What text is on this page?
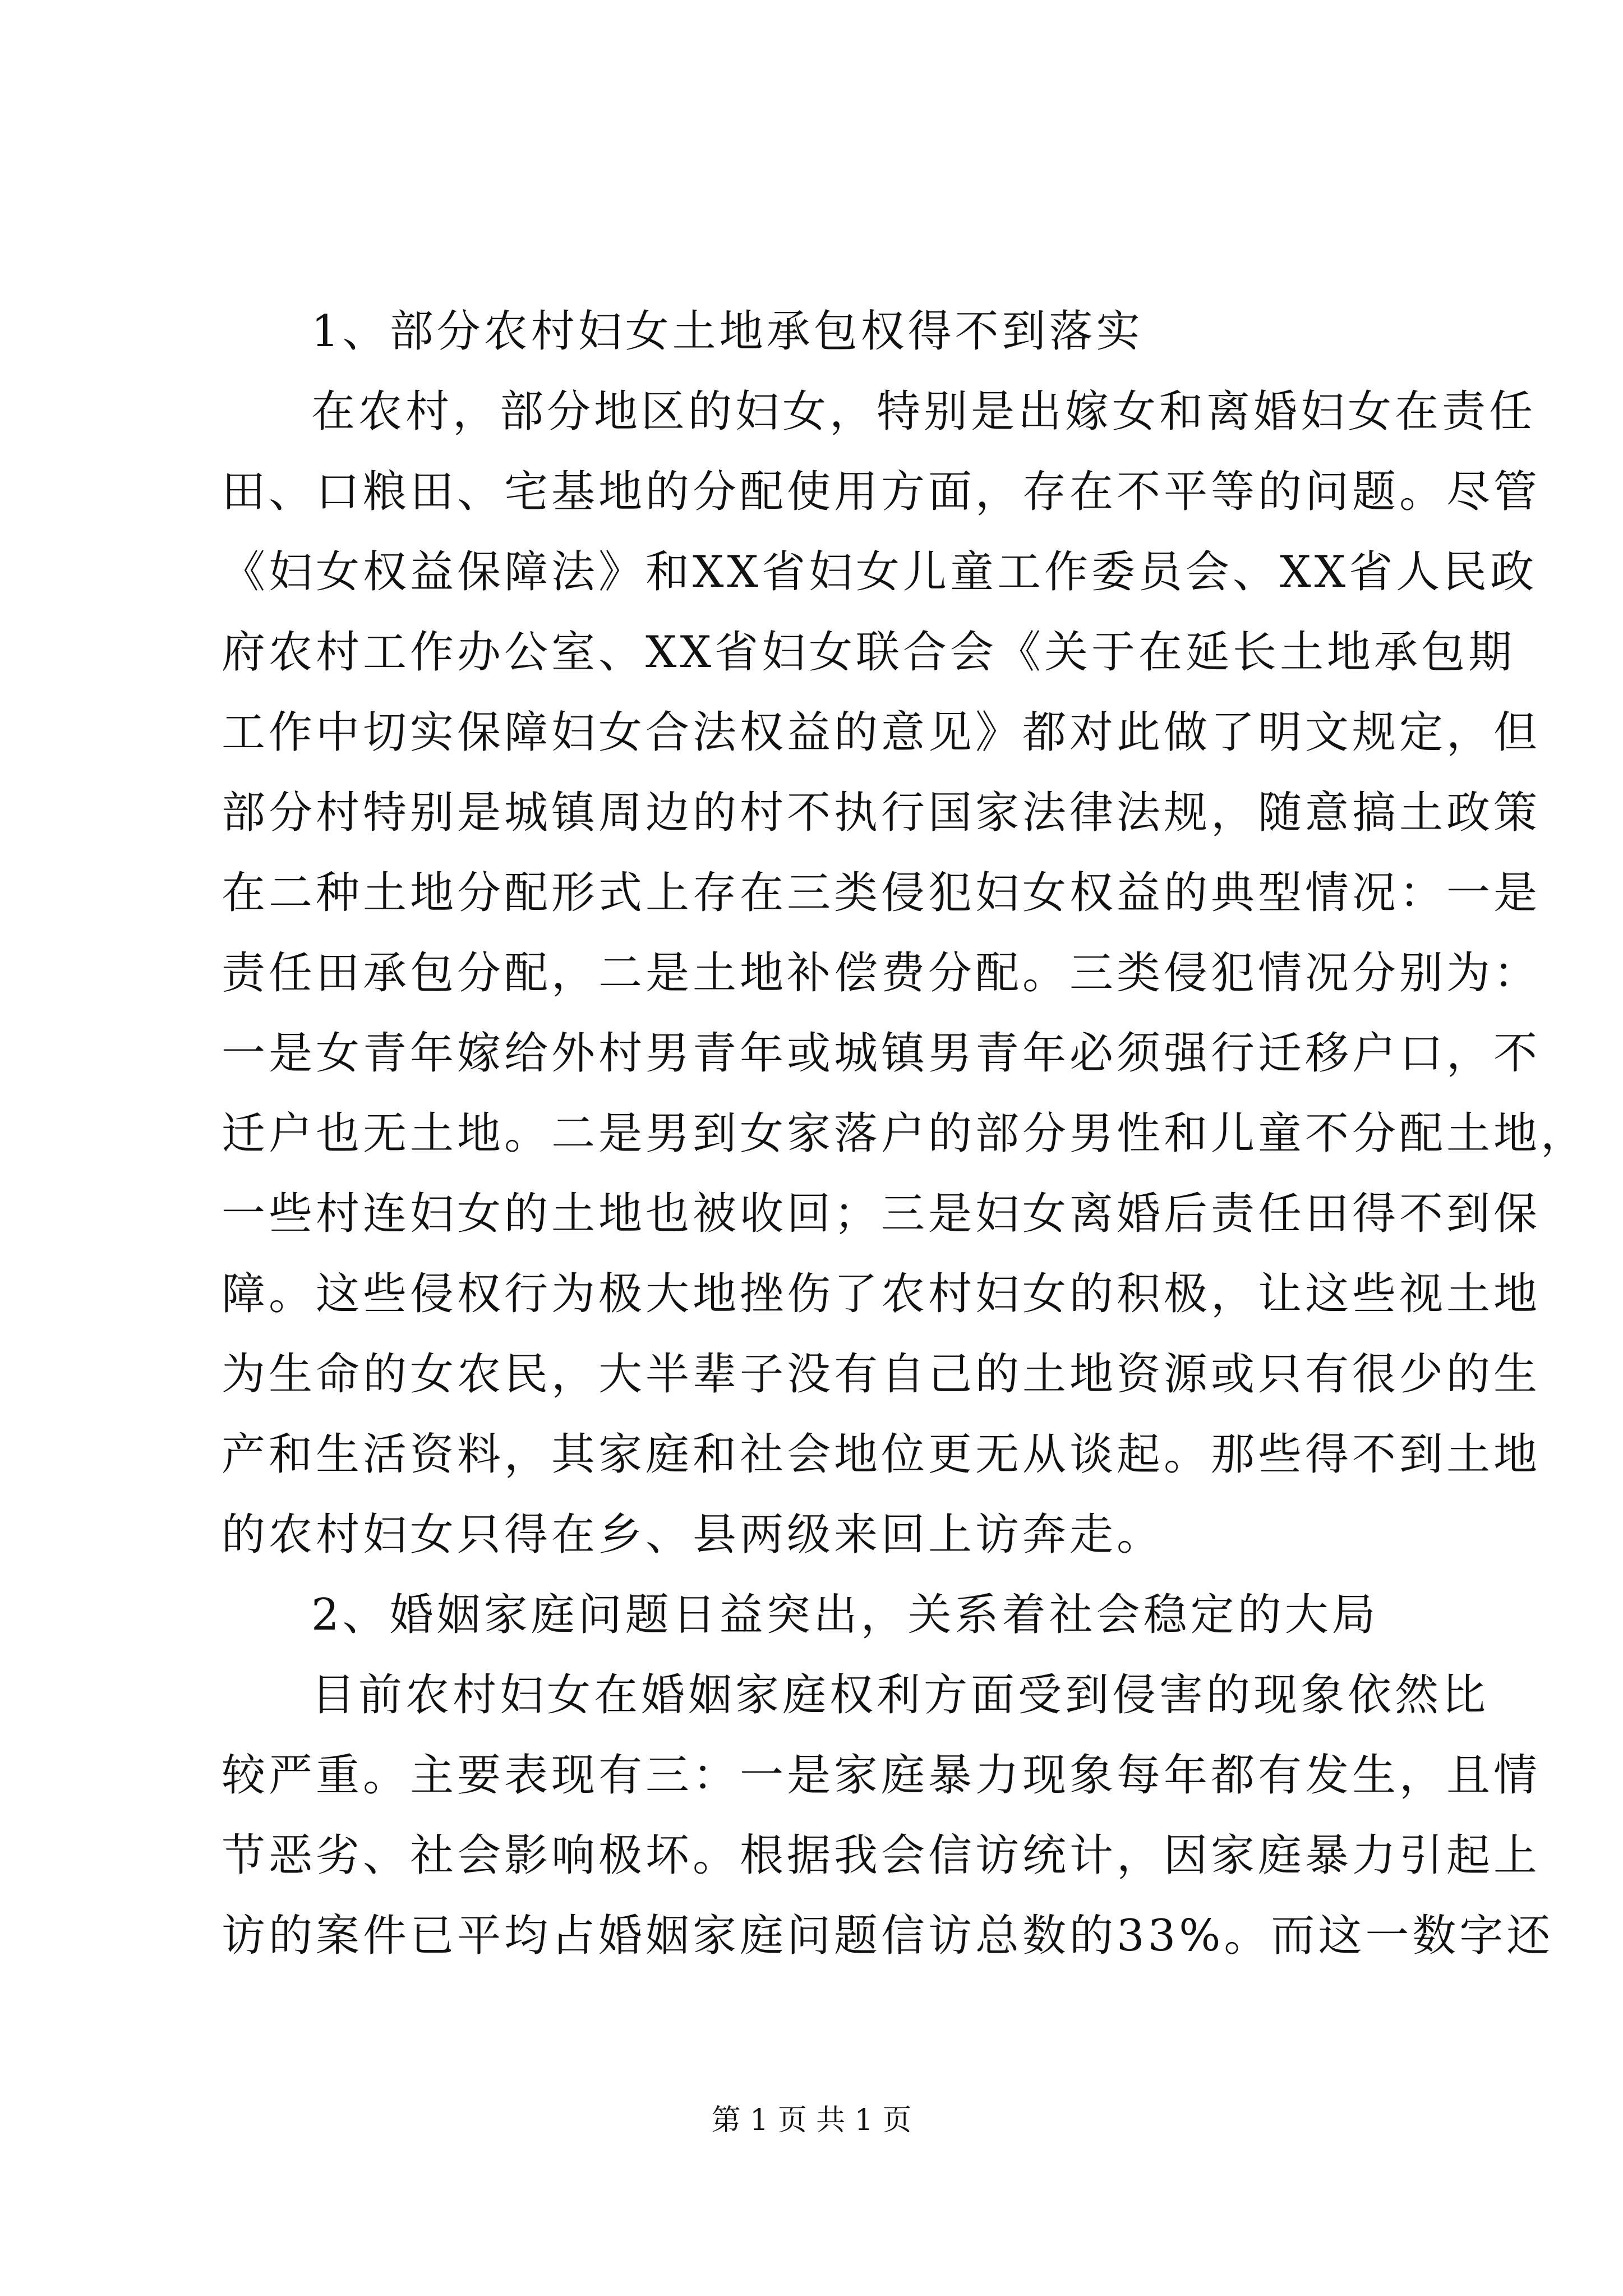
1、部分农村妇女土地承包权得不到落实
在农村，部分地区的妇女，特别是出嫁女和离婚妇女在责任
田、口粮田、宅基地的分配使用方面，存在不平等的问题。尽管
《妇女权益保障法》和XX省妇女儿童工作委员会、XX省人民政
府农村工作办公室、XX省妇女联合会《关于在延长土地承包期
工作中切实保障妇女合法权益的意见》都对此做了明文规定，但
部分村特别是城镇周边的村不执行国家法律法规，随意搞土政策
在二种土地分配形式上存在三类侵犯妇女权益的典型情况：一是
责任田承包分配，二是土地补偿费分配。三类侵犯情况分别为：
一是女青年嫁给外村男青年或城镇男青年必须强行迁移户口，不
迁户也无土地。二是男到女家落户的部分男性和儿童不分配土地，
一些村连妇女的土地也被收回；三是妇女离婚后责任田得不到保
障。这些侵权行为极大地挫伤了农村妇女的积极，让这些视土地
为生命的女农民，大半辈子没有自己的土地资源或只有很少的生
产和生活资料，其家庭和社会地位更无从谈起。那些得不到土地
的农村妇女只得在乡、县两级来回上访奔走。
2、婚姻家庭问题日益突出，关系着社会稳定的大局
目前农村妇女在婚姻家庭权利方面受到侵害的现象依然比
较严重。主要表现有三：一是家庭暴力现象每年都有发生，且情
节恶劣、社会影响极坏。根据我会信访统计，因家庭暴力引起上
访的案件已平均占婚姻家庭问题信访总数的33%。而这一数字还
第 1 页 共 1 页
